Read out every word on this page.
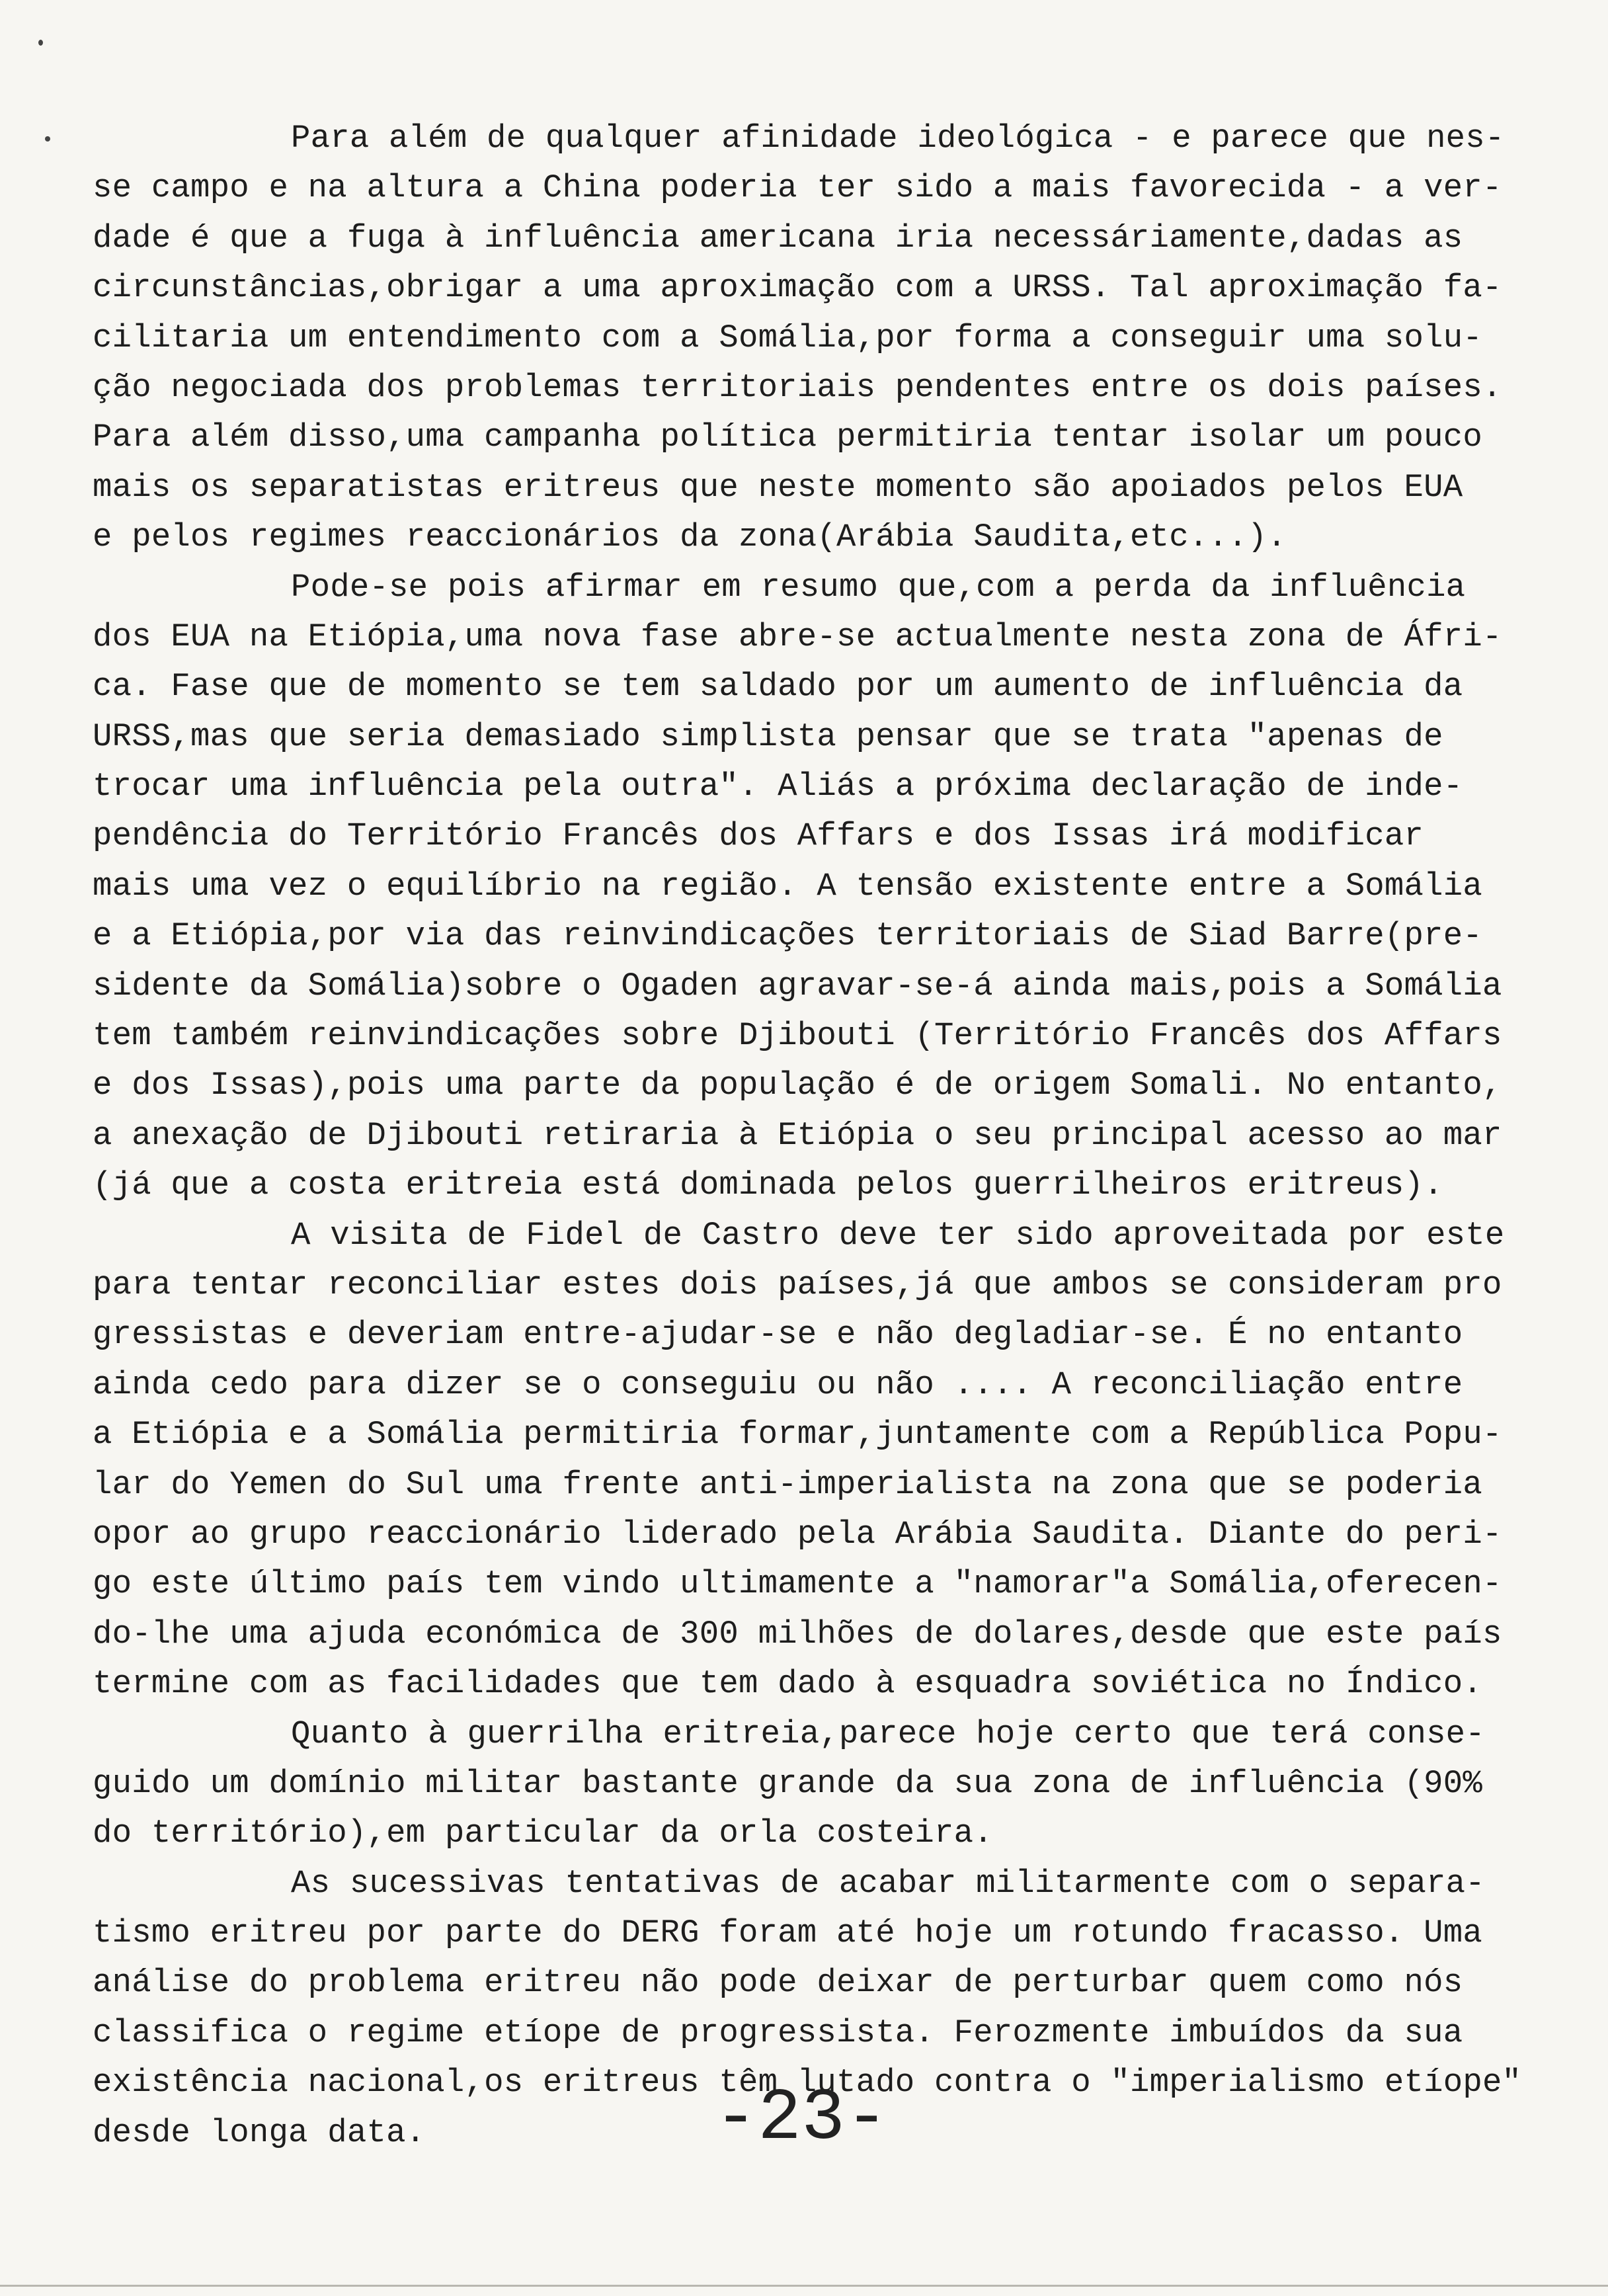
Para além de qualquer afinidade ideológica - e parece que nes-
se campo e na altura a China poderia ter sido a mais favorecida - a ver-
dade é que a fuga à influência americana iria necessáriamente,dadas as
circunstâncias,obrigar a uma aproximação com a URSS. Tal aproximação fa-
cilitaria um entendimento com a Somália,por forma a conseguir uma solu-
ção negociada dos problemas territoriais pendentes entre os dois países.
Para além disso,uma campanha política permitiria tentar isolar um pouco
mais os separatistas eritreus que neste momento são apoiados pelos EUA
e pelos regimes reaccionários da zona(Arábia Saudita,etc...).
Pode-se pois afirmar em resumo que,com a perda da influência
dos EUA na Etiópia,uma nova fase abre-se actualmente nesta zona de Áfri-
ca. Fase que de momento se tem saldado por um aumento de influência da
URSS,mas que seria demasiado simplista pensar que se trata "apenas de
trocar uma influência pela outra". Aliás a próxima declaração de inde-
pendência do Território Francês dos Affars e dos Issas irá modificar
mais uma vez o equilíbrio na região. A tensão existente entre a Somália
e a Etiópia,por via das reinvindicações territoriais de Siad Barre(pre-
sidente da Somália)sobre o Ogaden agravar-se-á ainda mais,pois a Somália
tem também reinvindicações sobre Djibouti (Território Francês dos Affars
e dos Issas),pois uma parte da população é de origem Somali. No entanto,
a anexação de Djibouti retiraria à Etiópia o seu principal acesso ao mar
(já que a costa eritreia está dominada pelos guerrilheiros eritreus).
A visita de Fidel de Castro deve ter sido aproveitada por este
para tentar reconciliar estes dois países,já que ambos se consideram pro
gressistas e deveriam entre-ajudar-se e não degladiar-se. É no entanto
ainda cedo para dizer se o conseguiu ou não .... A reconciliação entre
a Etiópia e a Somália permitiria formar,juntamente com a República Popu-
lar do Yemen do Sul uma frente anti-imperialista na zona que se poderia
opor ao grupo reaccionário liderado pela Arábia Saudita. Diante do peri-
go este último país tem vindo ultimamente a "namorar"a Somália,oferecen-
do-lhe uma ajuda económica de 300 milhões de dolares,desde que este país
termine com as facilidades que tem dado à esquadra soviética no Índico.
Quanto à guerrilha eritreia,parece hoje certo que terá conse-
guido um domínio militar bastante grande da sua zona de influência (90%
do território),em particular da orla costeira.
As sucessivas tentativas de acabar militarmente com o separa-
tismo eritreu por parte do DERG foram até hoje um rotundo fracasso. Uma
análise do problema eritreu não pode deixar de perturbar quem como nós
classifica o regime etíope de progressista. Ferozmente imbuídos da sua
existência nacional,os eritreus têm lutado contra o "imperialismo etíope"
desde longa data.	-23-
